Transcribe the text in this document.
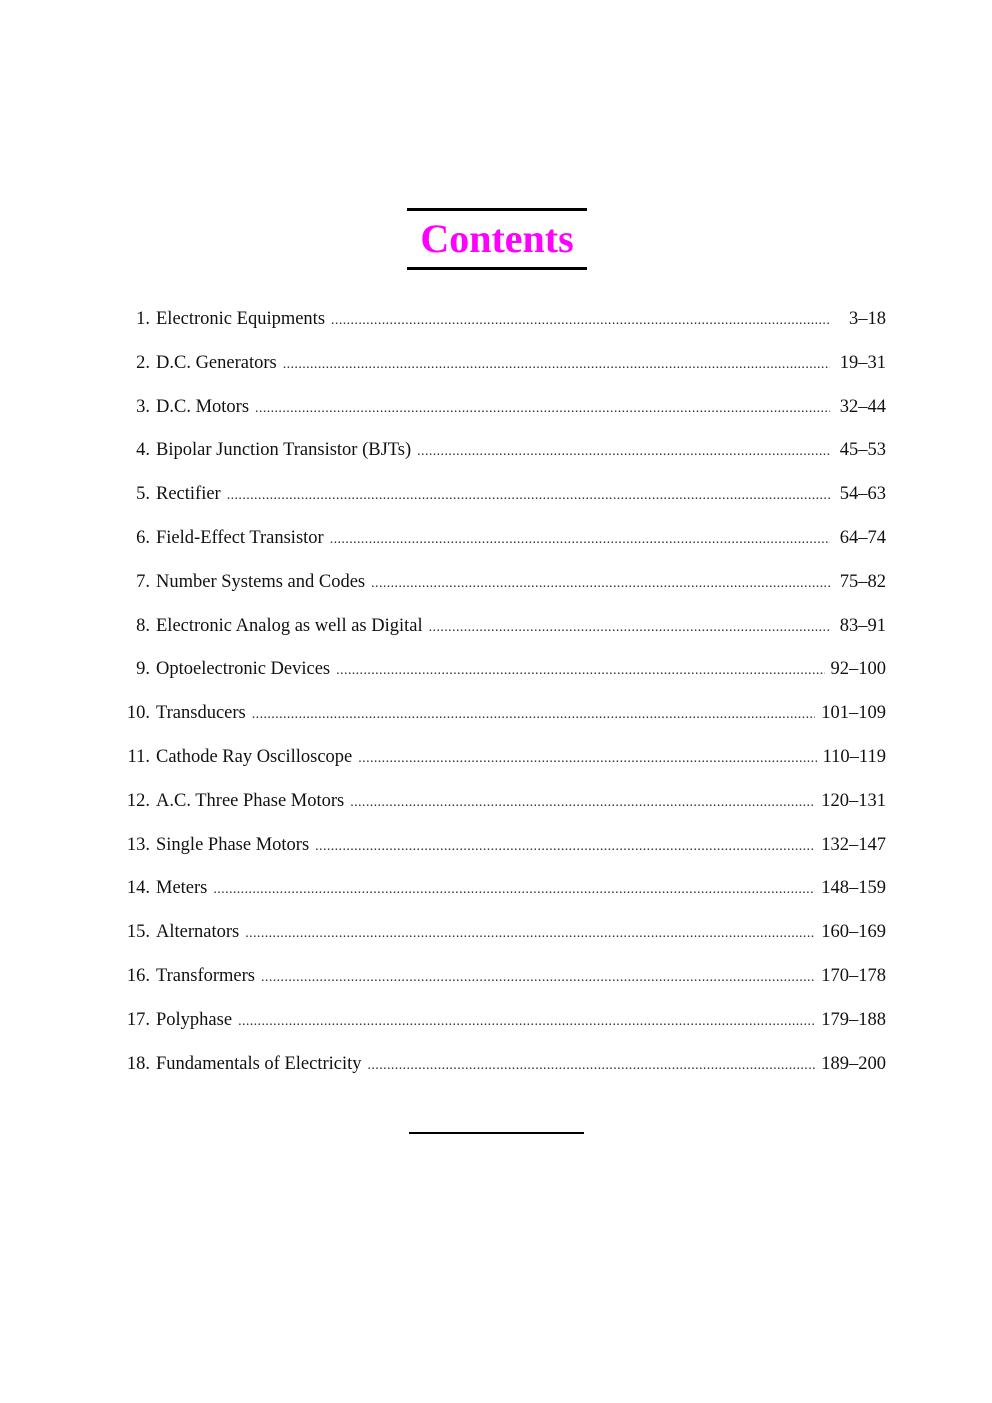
Contents
1. Electronic Equipments .....	3–18
2. D.C. Generators .....	19–31
3. D.C. Motors .....	32–44
4. Bipolar Junction Transistor (BJTs) .....	45–53
5. Rectifier .....	54–63
6. Field-Effect Transistor .....	64–74
7. Number Systems and Codes .....	75–82
8. Electronic Analog as well as Digital .....	83–91
9. Optoelectronic Devices .....	92–100
10. Transducers .....	101–109
11. Cathode Ray Oscilloscope .....	110–119
12. A.C. Three Phase Motors .....	120–131
13. Single Phase Motors .....	132–147
14. Meters .....	148–159
15. Alternators .....	160–169
16. Transformers .....	170–178
17. Polyphase .....	179–188
18. Fundamentals of Electricity .....	189–200
